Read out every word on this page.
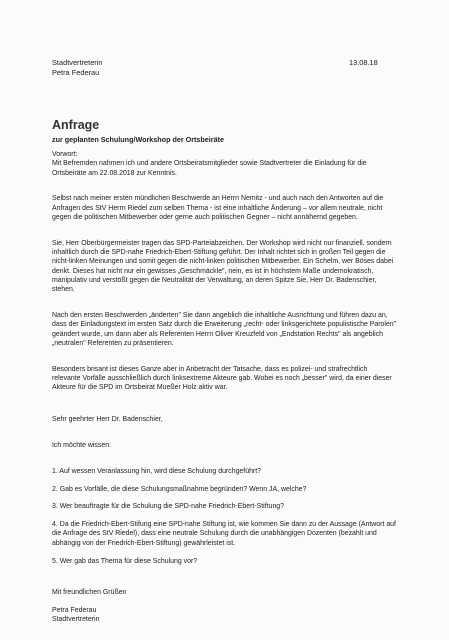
Stadtvertreterin
Petra Federau
13.08.18
Anfrage
zur geplanten Schulung/Workshop der Ortsbeiräte

Vorwort:

Mit Befremden nahmen ich und andere Ortsbeiratsmitglieder sowie Stadtvertreter die Einladung für die Ortsbeiräte am 22.08.2018 zur Kenntnis.

Selbst nach meiner ersten mündlichen Beschwerde an Herrn Nemitz - und auch nach den Antworten auf die Anfragen des StV Herrn Riedel zum selben Thema - ist eine inhaltliche Änderung – vor allem neutrale, nicht gegen die politischen Mitbewerber oder gerne auch politischen Gegner – nicht annähernd gegeben.

Sie, Herr Oberbürgermeister tragen das SPD-Parteiabzeichen. Der Workshop wird nicht nur finanziell, sondern inhaltlich durch die SPD-nahe Friedrich-Ebert-Stiftung geführt. Der Inhalt richtet sich in großen Teil gegen die nicht-linken Meinungen und somit gegen die nicht-linken politischen Mitbewerber. Ein Schelm, wer Böses dabei denkt. Dieses hat nicht nur ein gewisses „Geschmäckle", nein, es ist in höchstem Maße undemokratisch, manipulativ und verstößt gegen die Neutralität der Verwaltung, an deren Spitze Sie, Herr Dr. Badenschier, stehen.

Nach den ersten Beschwerden „änderten" Sie dann angeblich die inhaltliche Ausrichtung und führen dazu an, dass der Einladungstext im ersten Satz durch die Erweiterung „recht- oder linksgerichtete populistische Parolen" geändert wurde, um dann aber als Referenten Herrn Oliver Kreuzfeld von „Endstation Rechts" als angeblich „neutralen" Referenten zu präsentieren.

Besonders brisant ist dieses Ganze aber in Anbetracht der Tatsache, dass es polizei- und strafrechtlich relevante Vorfälle ausschließlich durch linksextreme Akteure gab. Wobei es noch „besser" wird, da einer dieser Akteure für die SPD im Ortsbeirat Mueßer Holz aktiv war.

Sehr geehrter Herr Dr. Badenschier,

Ich möchte wissen:

1. Auf wessen Veranlassung hin, wird diese Schulung durchgeführt?

2. Gab es Vorfälle, die diese Schulungsmaßnahme begründen? Wenn JA, welche?

3. Wer beauftragte für die Schulung die SPD-nahe Friedrich-Ebert-Stiftung?

4. Da die Friedrich-Ebert-Stifung eine SPD-nahe Stiftung ist, wie kommen Sie dann zu der Aussage (Antwort auf die Anfrage des StV Riedel), dass eine neutrale Schulung durch die unabhängigen Dozenten (bezahlt und abhängig von der Friedrich-Ebert-Stiftung) gewährleistet ist.

5. Wer gab das Thema für diese Schulung vor?

Mit freundlichen Grüßen

Petra Federau
Stadtvertreterin
